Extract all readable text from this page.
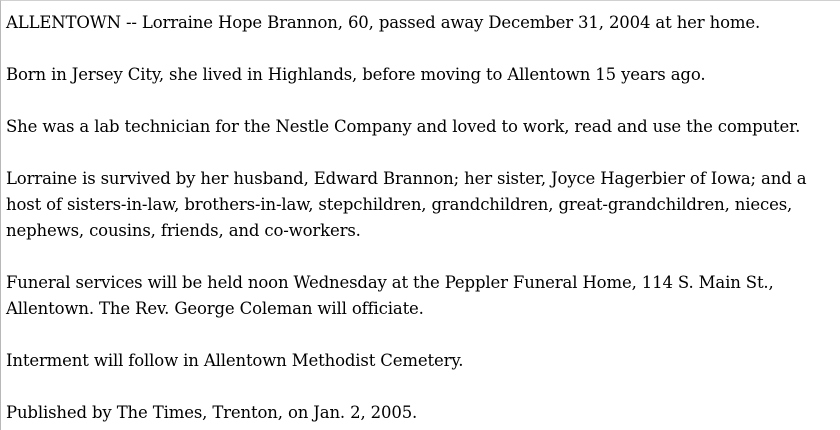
ALLENTOWN -- Lorraine Hope Brannon, 60, passed away December 31, 2004 at her home.

Born in Jersey City, she lived in Highlands, before moving to Allentown 15 years ago.

She was a lab technician for the Nestle Company and loved to work, read and use the computer.

Lorraine is survived by her husband, Edward Brannon; her sister, Joyce Hagerbier of Iowa; and a host of sisters-in-law, brothers-in-law, stepchildren, grandchildren, great-grandchildren, nieces, nephews, cousins, friends, and co-workers.

Funeral services will be held noon Wednesday at the Peppler Funeral Home, 114 S. Main St., Allentown. The Rev. George Coleman will officiate.

Interment will follow in Allentown Methodist Cemetery.

Published by The Times, Trenton, on Jan. 2, 2005.
